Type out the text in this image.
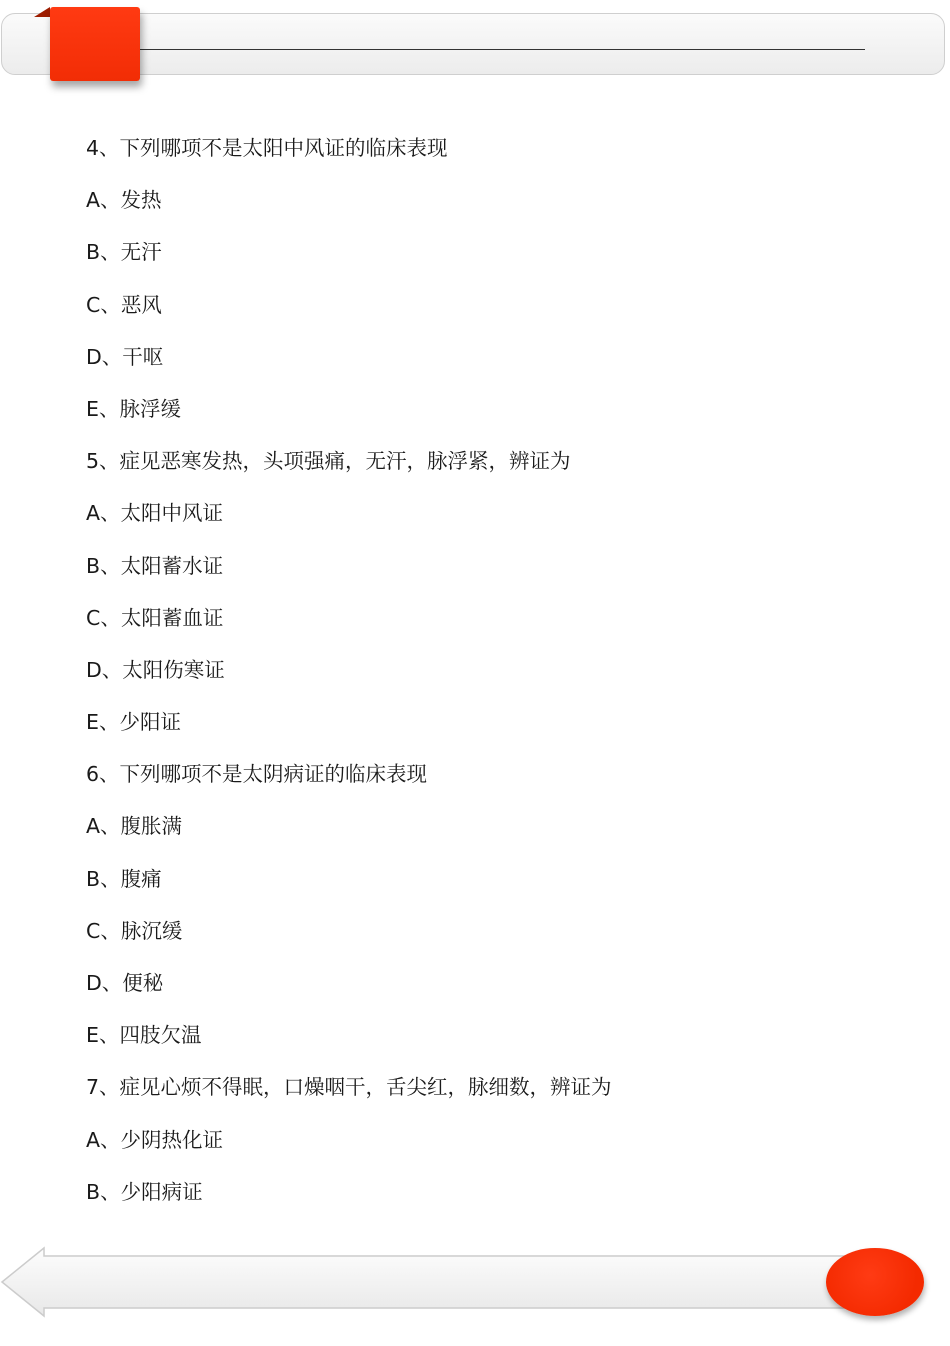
4、下列哪项不是太阳中风证的临床表现
A、发热
B、无汗
C、恶风
D、干呕
E、脉浮缓
5、症见恶寒发热，头项强痛，无汗，脉浮紧，辨证为
A、太阳中风证
B、太阳蓄水证
C、太阳蓄血证
D、太阳伤寒证
E、少阳证
6、下列哪项不是太阴病证的临床表现
A、腹胀满
B、腹痛
C、脉沉缓
D、便秘
E、四肢欠温
7、症见心烦不得眠，口燥咽干，舌尖红，脉细数，辨证为
A、少阴热化证
B、少阳病证
